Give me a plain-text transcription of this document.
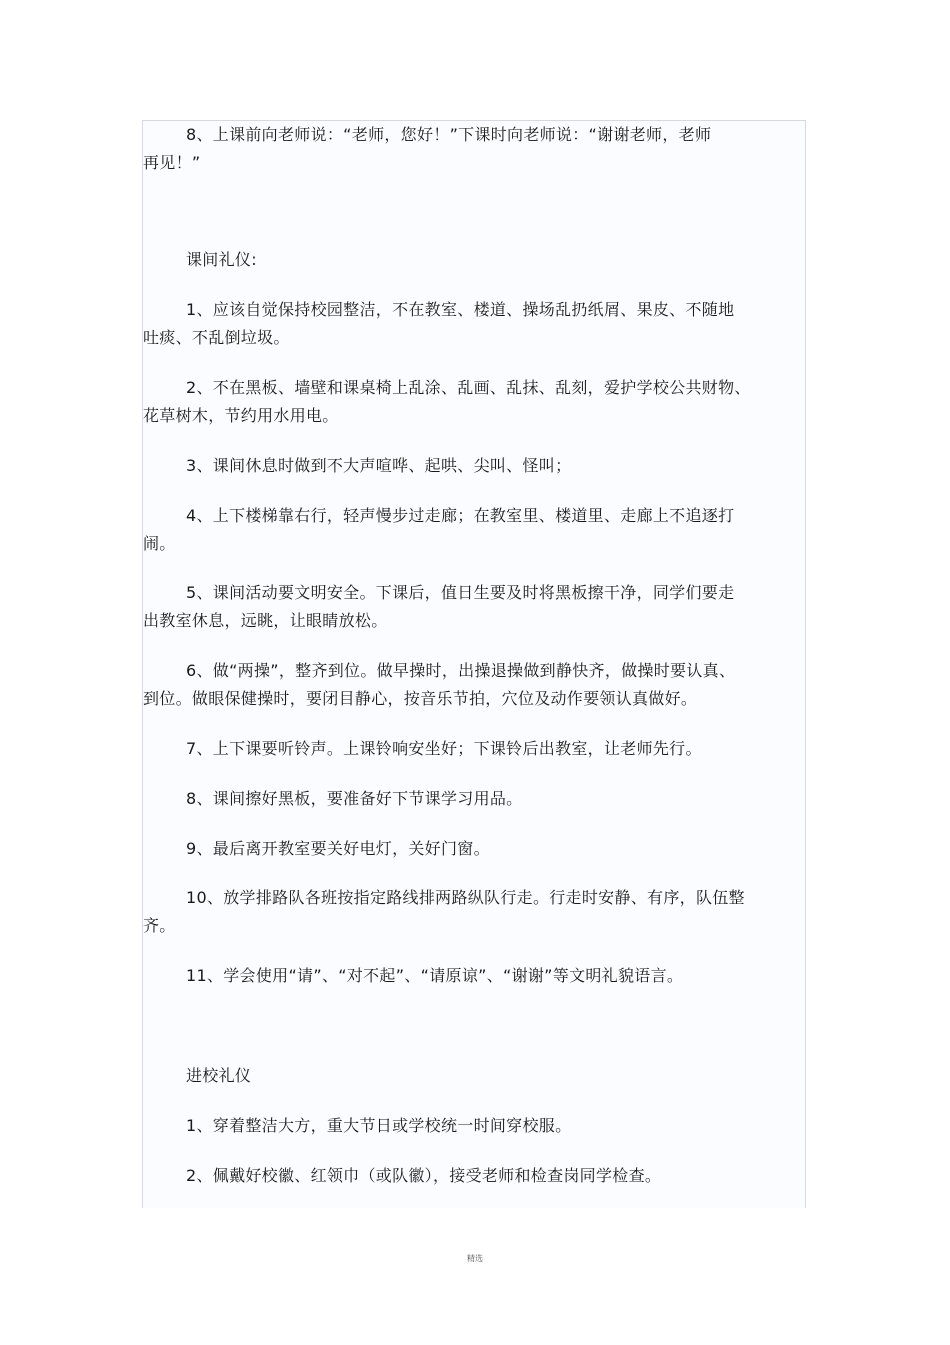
8、上课前向老师说：“老师，您好！”下课时向老师说：“谢谢老师，老师
再见！”
课间礼仪:
1、应该自觉保持校园整洁，不在教室、楼道、操场乱扔纸屑、果皮、不随地
吐痰、不乱倒垃圾。
2、不在黑板、墙壁和课桌椅上乱涂、乱画、乱抹、乱刻，爱护学校公共财物、
花草树木，节约用水用电。
3、课间休息时做到不大声喧哗、起哄、尖叫、怪叫；
4、上下楼梯靠右行，轻声慢步过走廊；在教室里、楼道里、走廊上不追逐打
闹。
5、课间活动要文明安全。下课后，值日生要及时将黑板擦干净，同学们要走
出教室休息，远眺，让眼睛放松。
6、做“两操”，整齐到位。做早操时，出操退操做到静快齐，做操时要认真、
到位。做眼保健操时，要闭目静心，按音乐节拍，穴位及动作要领认真做好。
7、上下课要听铃声。上课铃响安坐好；下课铃后出教室，让老师先行。
8、课间擦好黑板，要准备好下节课学习用品。
9、最后离开教室要关好电灯，关好门窗。
10、放学排路队各班按指定路线排两路纵队行走。行走时安静、有序，队伍整
齐。
11、学会使用“请”、“对不起”、“请原谅”、“谢谢”等文明礼貌语言。
进校礼仪
1、穿着整洁大方，重大节日或学校统一时间穿校服。
2、佩戴好校徽、红领巾（或队徽），接受老师和检查岗同学检查。
精选
